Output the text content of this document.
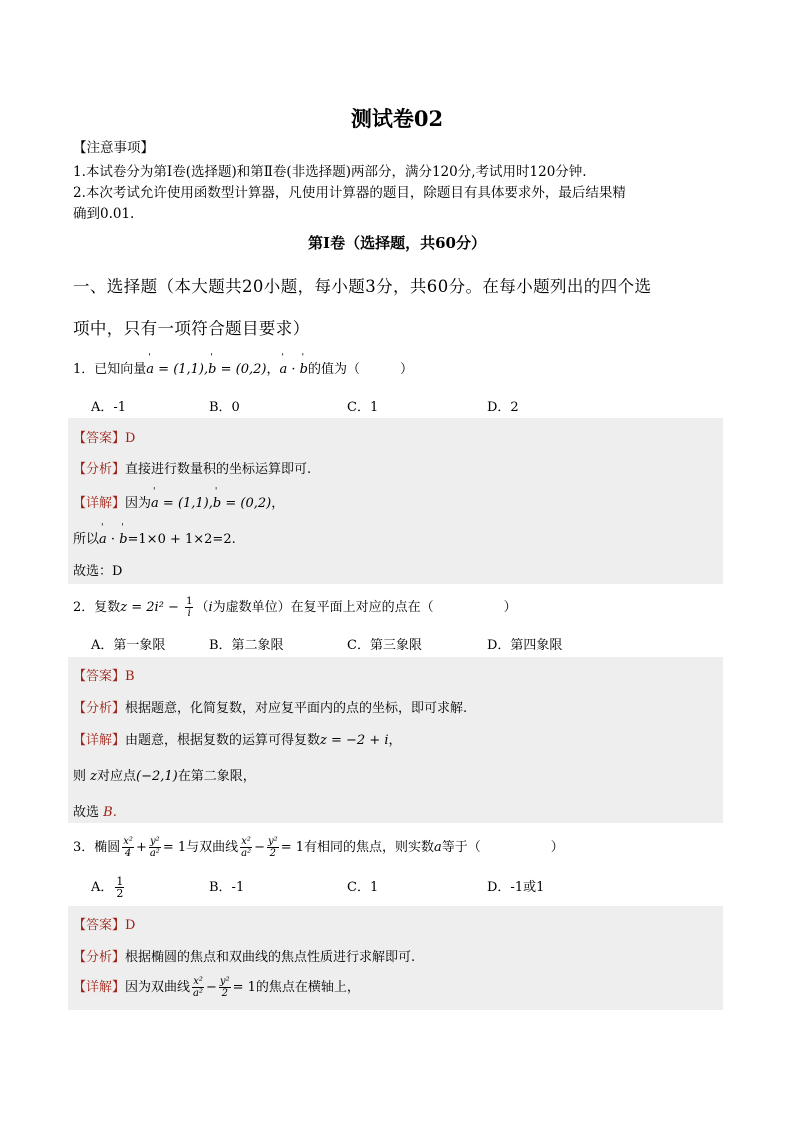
测试卷02
【注意事项】
1.本试卷分为第Ⅰ卷(选择题)和第Ⅱ卷(非选择题)两部分，满分120分,考试用时120分钟.
2.本次考试允许使用函数型计算器，凡使用计算器的题目，除题目有具体要求外，最后结果精
确到0.01.
第Ⅰ卷（选择题，共60分）
一、选择题（本大题共20小题，每小题3分，共60分。在每小题列出的四个选
项中，只有一项符合题目要求）
1．已知向量' a = (1,1),' b = (0,2)，' a · ' b的值为（	）
A．-1	B．0	C．1	D．2
【答案】D
【分析】直接进行数量积的坐标运算即可.
【详解】因为' a = (1,1),' b = (0,2)，
所以' a · ' b=1×0 + 1×2=2.
故选：D
2．复数$z = 2i^2 - \frac{1}{i} (i$为虚数单位）在复平面上对应的点在（	）
A．第一象限	B．第二象限	C．第三象限	D．第四象限
【答案】B
【分析】根据题意，化简复数，对应复平面内的点的坐标，即可求解.
【详解】由题意，根据复数的运算可得复数z = −2 + i，
则 z对应点(−2,1)在第二象限，
故选 B.
3．椭圆 $\frac{\text{x²}}{4} + \frac{\text{y²}}{\text{a²}} = 1$与双曲线 $\frac{\text{x²}}{\text{a²}} - \frac{\text{y²}}{2} = 1$有相同的焦点，则实数a等于（	）
A． $\frac{1}{2}$	B．-1	C．1	D．-1或1
【答案】D
【分析】根据椭圆的焦点和双曲线的焦点性质进行求解即可.
【详解】因为双曲线 $\frac{\text{x²}}{\text{a²}} - \frac{\text{y²}}{2} = 1$的焦点在横轴上，
